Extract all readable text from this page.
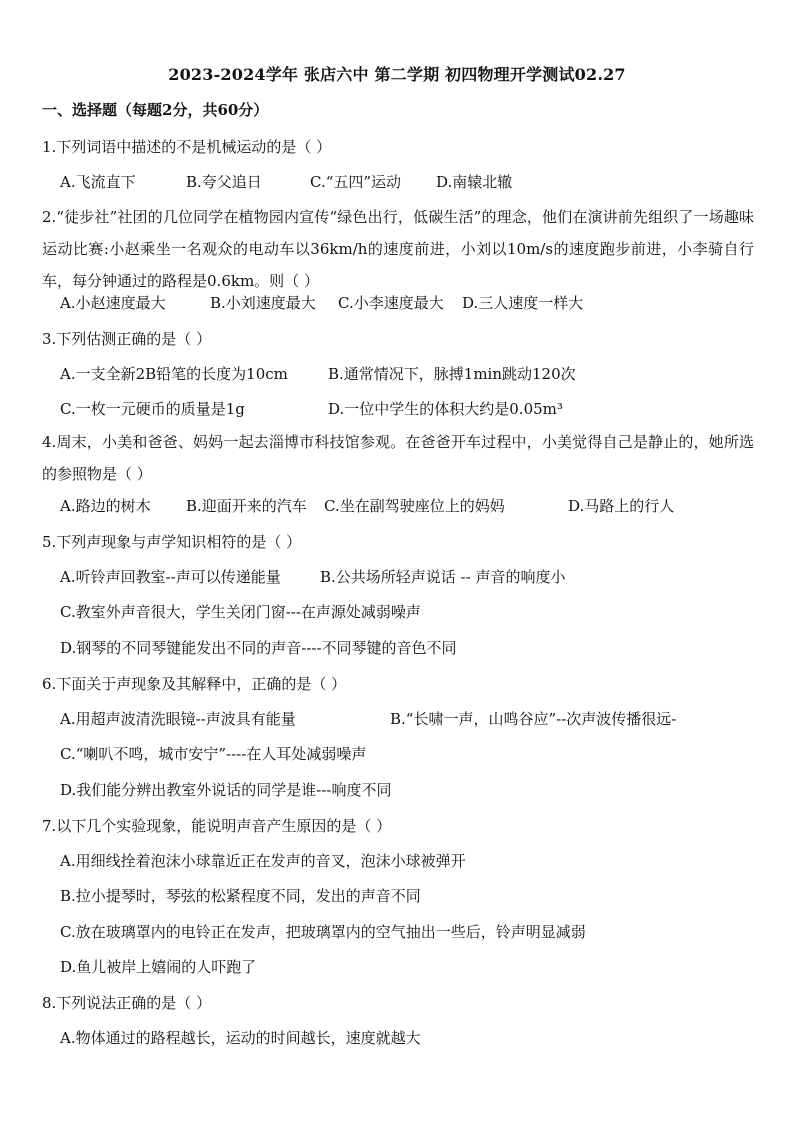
2023-2024学年 张店六中 第二学期 初四物理开学测试02.27
一、选择题（每题2分，共60分）
1.下列词语中描述的不是机械运动的是（ ）
A.飞流直下	B.夸父追日	C.“五四”运动 D.南辕北辙
2.“徒步社”社团的几位同学在植物园内宣传“绿色出行，低碳生活”的理念，他们在演讲前先组织了一场趣味运动比赛:小赵乘坐一名观众的电动车以36km/h的速度前进，小刘以10m/s的速度跑步前进，小李骑自行车，每分钟通过的路程是0.6km。则（ ）
A.小赵速度最大	B.小刘速度最大 C.小李速度最大 D.三人速度一样大
3.下列估测正确的是（ ）
A.一支全新2B铅笔的长度为10cm	B.通常情况下，脉搏1min跳动120次
C.一枚一元硬币的质量是1g	D.一位中学生的体积大约是0.05m³
4.周末，小美和爸爸、妈妈一起去淄博市科技馆参观。在爸爸开车过程中，小美觉得自己是静止的，她所选的参照物是（ ）
A.路边的树木 B.迎面开来的汽车 C.坐在副驾驶座位上的妈妈	D.马路上的行人
5.下列声现象与声学知识相符的是（ ）
A.听铃声回教室--声可以传递能量	B.公共场所轻声说话 -- 声音的响度小
C.教室外声音很大，学生关闭门窗---在声源处减弱噪声
D.钢琴的不同琴键能发出不同的声音----不同琴键的音色不同
6.下面关于声现象及其解释中，正确的是（ ）
A.用超声波清洗眼镜--声波具有能量	B.“长啸一声，山鸣谷应”--次声波传播很远-
C.“喇叭不鸣，城市安宁”----在人耳处减弱噪声
D.我们能分辨出教室外说话的同学是谁---响度不同
7.以下几个实验现象，能说明声音产生原因的是（ ）
A.用细线拴着泡沫小球靠近正在发声的音叉，泡沫小球被弹开
B.拉小提琴时，琴弦的松紧程度不同，发出的声音不同
C.放在玻璃罩内的电铃正在发声，把玻璃罩内的空气抽出一些后，铃声明显减弱
D.鱼儿被岸上嬉闹的人吓跑了
8.下列说法正确的是（ ）
A.物体通过的路程越长，运动的时间越长，速度就越大
